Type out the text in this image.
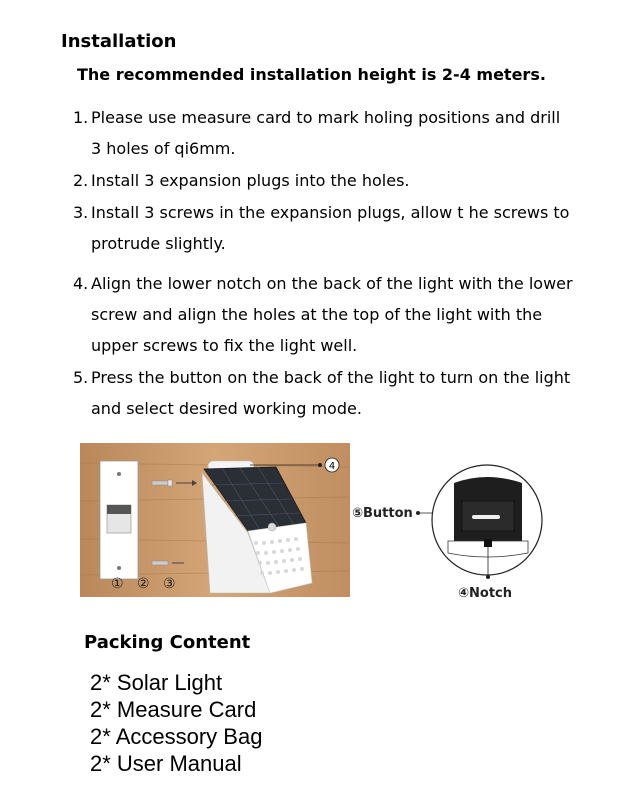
Installation

The recommended installation height is 2-4 meters.

1. Please use measure card to mark holing positions and drill 3 holes of qi6mm.
2. Install 3 expansion plugs into the holes.
3. Install 3 screws in the expansion plugs, allow t he screws to protrude slightly.
4. Align the lower notch on the back of the light with the lower screw and align the holes at the top of the light with the upper screws to fix the light well.
5. Press the button on the back of the light to turn on the light and select desired working mode.
4
① ② ③
⑤Button
④Notch
Packing Content
2* Solar Light
2* Measure Card
2* Accessory Bag
2* User Manual
